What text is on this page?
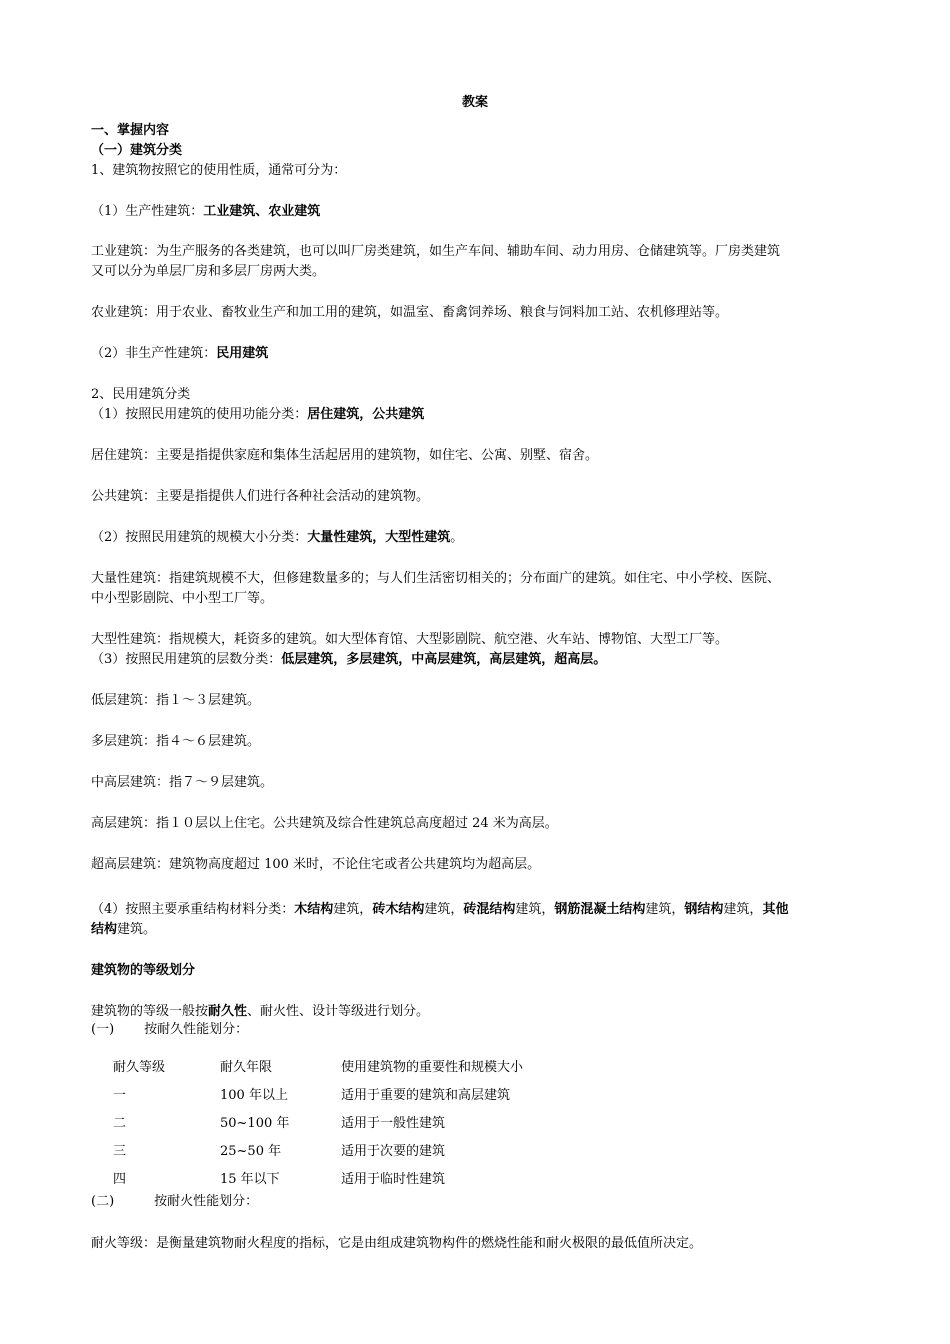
教案
一、掌握内容
（一）建筑分类
1、建筑物按照它的使用性质，通常可分为：
（1）生产性建筑：工业建筑、农业建筑
工业建筑：为生产服务的各类建筑，也可以叫厂房类建筑，如生产车间、辅助车间、动力用房、仓储建筑等。厂房类建筑
又可以分为单层厂房和多层厂房两大类。
农业建筑：用于农业、畜牧业生产和加工用的建筑，如温室、畜禽饲养场、粮食与饲料加工站、农机修理站等。
（2）非生产性建筑：民用建筑
2、民用建筑分类
（1）按照民用建筑的使用功能分类：居住建筑，公共建筑
居住建筑：主要是指提供家庭和集体生活起居用的建筑物，如住宅、公寓、别墅、宿舍。
公共建筑：主要是指提供人们进行各种社会活动的建筑物。
（2）按照民用建筑的规模大小分类：大量性建筑，大型性建筑。
大量性建筑：指建筑规模不大，但修建数量多的；与人们生活密切相关的；分布面广的建筑。如住宅、中小学校、医院、
中小型影剧院、中小型工厂等。
大型性建筑：指规模大，耗资多的建筑。如大型体育馆、大型影剧院、航空港、火车站、博物馆、大型工厂等。
（3）按照民用建筑的层数分类：低层建筑，多层建筑，中高层建筑，高层建筑，超高层。
低层建筑：指１～３层建筑。
多层建筑：指４～６层建筑。
中高层建筑：指７～９层建筑。
高层建筑：指１０层以上住宅。公共建筑及综合性建筑总高度超过 24 米为高层。
超高层建筑：建筑物高度超过 100 米时，不论住宅或者公共建筑均为超高层。
（4）按照主要承重结构材料分类：木结构建筑，砖木结构建筑，砖混结构建筑，钢筋混凝土结构建筑，钢结构建筑，其他
结构建筑。
建筑物的等级划分
建筑物的等级一般按耐久性、耐火性、设计等级进行划分。
(一) 按耐久性能划分：
耐久等级	耐久年限	使用建筑物的重要性和规模大小
一	100 年以上	适用于重要的建筑和高层建筑
二	50~100 年	适用于一般性建筑
三	25~50 年	适用于次要的建筑
四	15 年以下	适用于临时性建筑
(二)	按耐火性能划分：
耐火等级：是衡量建筑物耐火程度的指标，它是由组成建筑物构件的燃烧性能和耐火极限的最低值所决定。
